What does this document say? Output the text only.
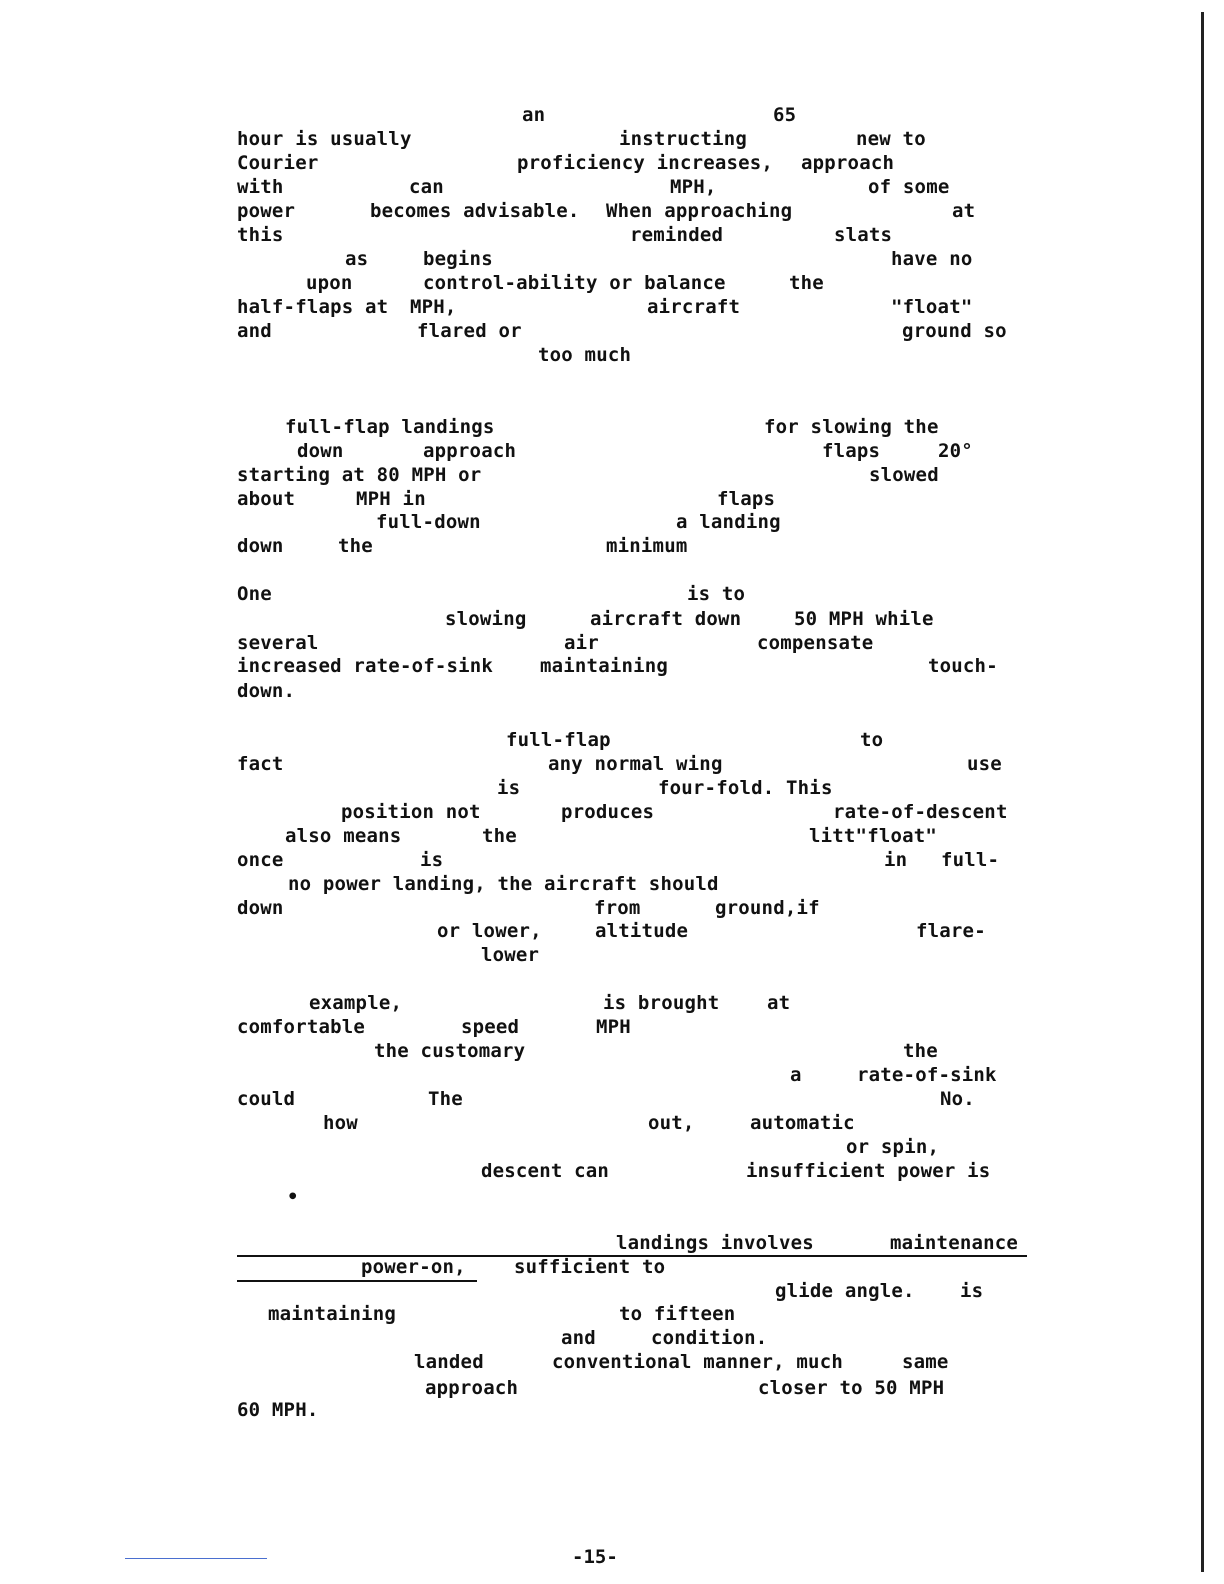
an	65
hour is usually	instructing	new to
Courier	proficiency increases, approach
with	can	MPH,	of some
power	becomes advisable. When approaching	at
this	reminded	slats
as	begins	have no
upon	control-ability or balance	the
half-flaps at MPH,	aircraft	"float"
and	flared or	ground so
too much
full-flap landings	for slowing the
down	approach	flaps	20°
starting at 80 MPH or	slowed
about	MPH in	flaps
full-down	a landing
down	the	minimum
One	is to
slowing	aircraft down	50 MPH while
several	air	compensate
increased rate-of-sink maintaining	touch-
down.
full-flap	to
fact	any normal wing	use
is	four-fold. This
position not	produces	rate-of-descent
also means	the	litt"float"
once	is	in full-
no power landing, the aircraft should
down	from	ground,if
or lower,	altitude	flare-
lower
example,	is brought	at
comfortable	speed	MPH
the customary	the
a	rate-of-sink
could	The	No.
how	out,	automatic
or spin,
descent can	insufficient power is
•
landings involves	maintenance
power-on,	sufficient to
glide angle. is
maintaining	to fifteen
and	condition.
landed	conventional manner, much	same
approach	closer to 50 MPH
60 MPH.
-15-
